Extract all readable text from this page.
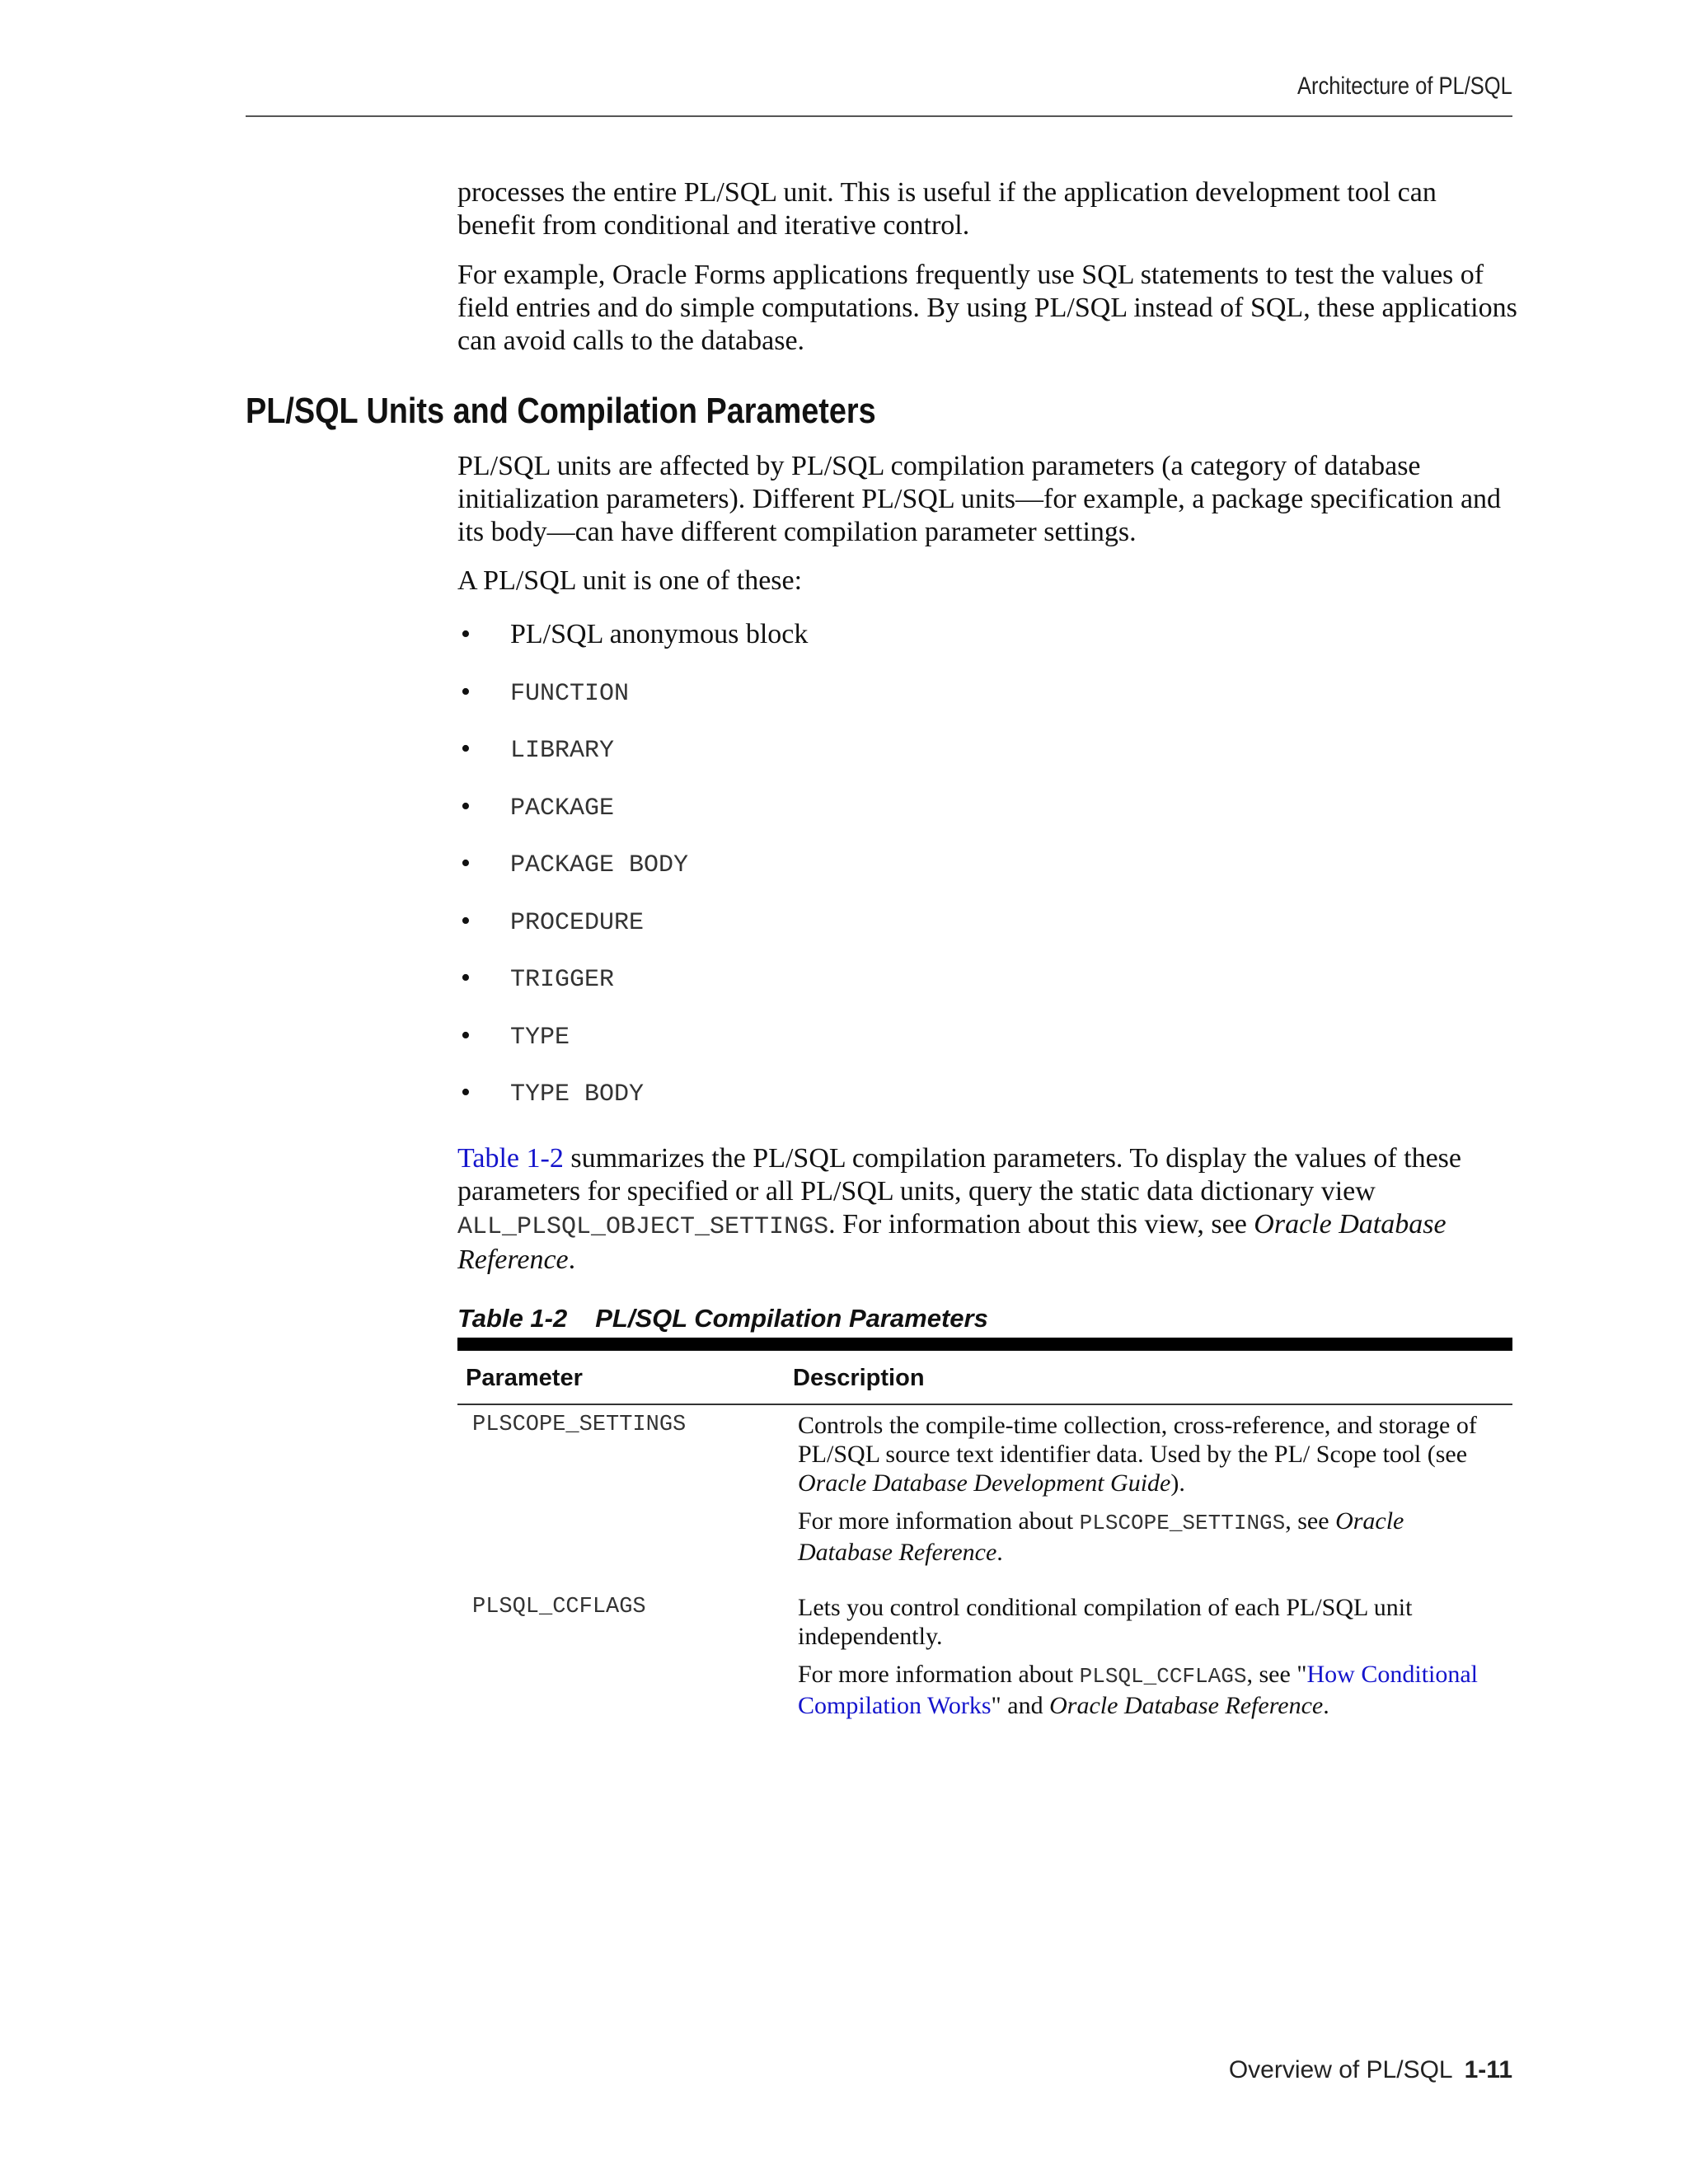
Architecture of PL/SQL

processes the entire PL/SQL unit. This is useful if the application development tool can benefit from conditional and iterative control.

For example, Oracle Forms applications frequently use SQL statements to test the values of field entries and do simple computations. By using PL/SQL instead of SQL, these applications can avoid calls to the database.

PL/SQL Units and Compilation Parameters

PL/SQL units are affected by PL/SQL compilation parameters (a category of database initialization parameters). Different PL/SQL units—for example, a package specification and its body—can have different compilation parameter settings.

A PL/SQL unit is one of these:

• PL/SQL anonymous block
• FUNCTION
• LIBRARY
• PACKAGE
• PACKAGE BODY
• PROCEDURE
• TRIGGER
• TYPE
• TYPE BODY

Table 1-2 summarizes the PL/SQL compilation parameters. To display the values of these parameters for specified or all PL/SQL units, query the static data dictionary view ALL_PLSQL_OBJECT_SETTINGS. For information about this view, see Oracle Database Reference.

Table 1-2 PL/SQL Compilation Parameters
Parameter	Description
PLSCOPE_SETTINGS	Controls the compile-time collection, cross-reference, and storage of PL/SQL source text identifier data. Used by the PL/ Scope tool (see Oracle Database Development Guide).

For more information about PLSCOPE_SETTINGS, see Oracle Database Reference.

PLSQL_CCFLAGS	Lets you control conditional compilation of each PL/SQL unit independently.

For more information about PLSQL_CCFLAGS, see "How Conditional Compilation Works" and Oracle Database Reference.

Overview of PL/SQL 1-11
